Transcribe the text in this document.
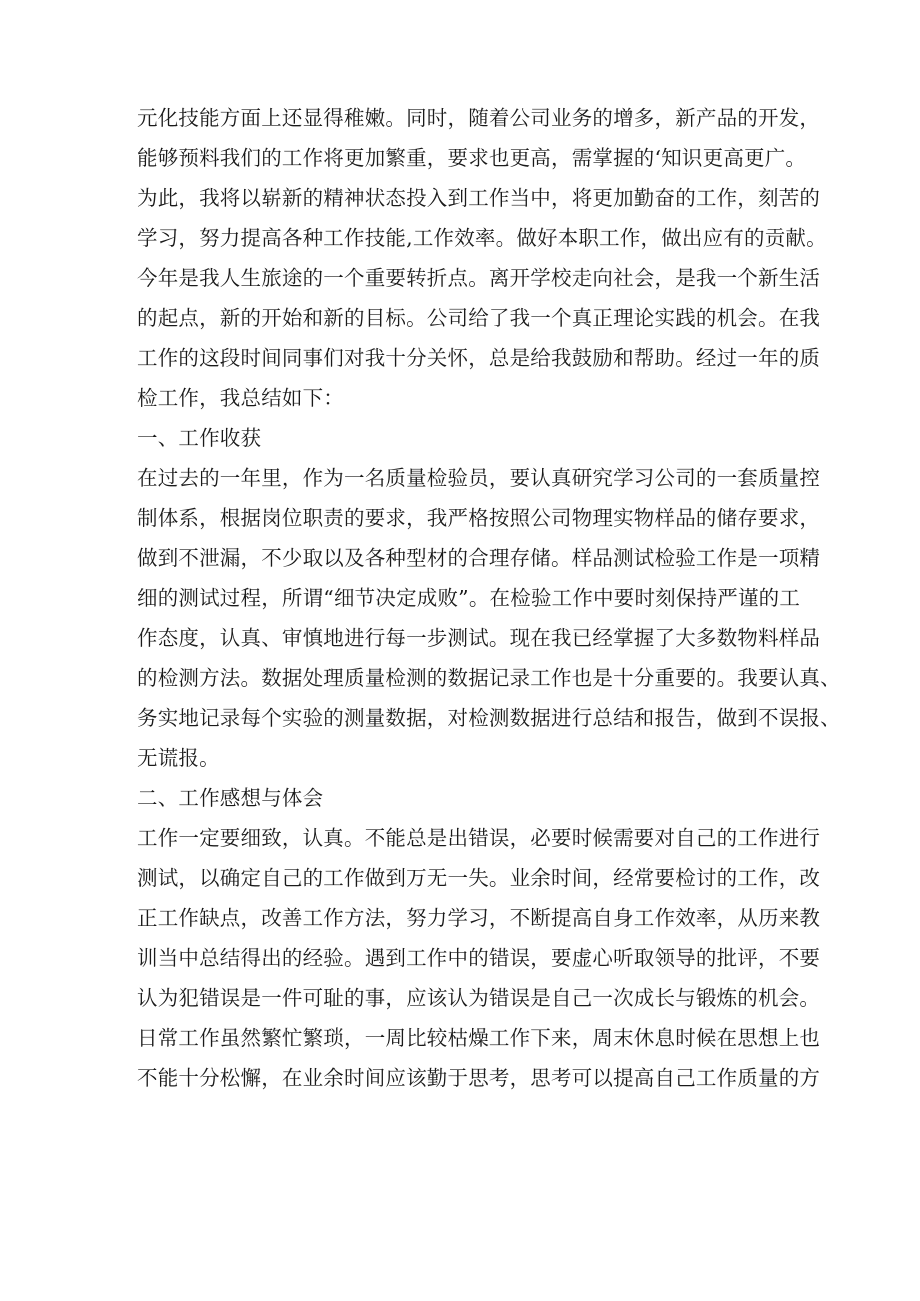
元化技能方面上还显得稚嫩。同时，随着公司业务的增多，新产品的开发，
能够预料我们的工作将更加繁重，要求也更高，需掌握的‘知识更高更广。
为此，我将以崭新的精神状态投入到工作当中，将更加勤奋的工作，刻苦的
学习，努力提高各种工作技能,工作效率。做好本职工作，做出应有的贡献。
今年是我人生旅途的一个重要转折点。离开学校走向社会，是我一个新生活
的起点，新的开始和新的目标。公司给了我一个真正理论实践的机会。在我
工作的这段时间同事们对我十分关怀，总是给我鼓励和帮助。经过一年的质
检工作，我总结如下：
一、工作收获
在过去的一年里，作为一名质量检验员，要认真研究学习公司的一套质量控
制体系，根据岗位职责的要求，我严格按照公司物理实物样品的储存要求，
做到不泄漏，不少取以及各种型材的合理存储。样品测试检验工作是一项精
细的测试过程，所谓“细节决定成败”。在检验工作中要时刻保持严谨的工
作态度，认真、审慎地进行每一步测试。现在我已经掌握了大多数物料样品
的检测方法。数据处理质量检测的数据记录工作也是十分重要的。我要认真、
务实地记录每个实验的测量数据，对检测数据进行总结和报告，做到不误报、
无谎报。
二、工作感想与体会
工作一定要细致，认真。不能总是出错误，必要时候需要对自己的工作进行
测试，以确定自己的工作做到万无一失。业余时间，经常要检讨的工作，改
正工作缺点，改善工作方法，努力学习，不断提高自身工作效率，从历来教
训当中总结得出的经验。遇到工作中的错误，要虚心听取领导的批评，不要
认为犯错误是一件可耻的事，应该认为错误是自己一次成长与锻炼的机会。
日常工作虽然繁忙繁琐，一周比较枯燥工作下来，周末休息时候在思想上也
不能十分松懈，在业余时间应该勤于思考，思考可以提高自己工作质量的方
